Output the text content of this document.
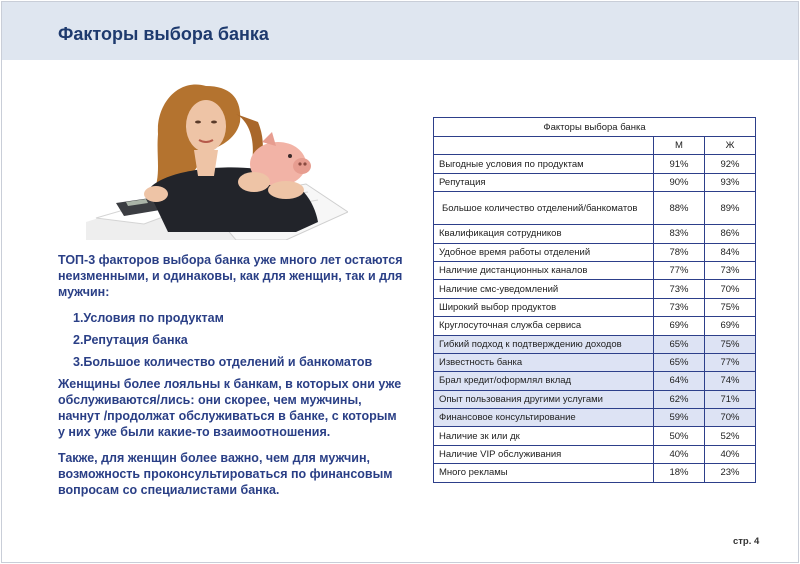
Факторы выбора банка

ТОП-3 факторов выбора банка уже много лет остаются неизменными, и одинаковы, как для женщин, так и для мужчин:

1.Условия по продуктам

2.Репутация банка

3.Большое количество отделений и банкоматов

Женщины более лояльны к банкам, в которых они уже обслуживаются/лись: они скорее, чем мужчины, начнут /продолжат обслуживаться в банке, с которым у них уже были какие-то взаимоотношения.

Также, для женщин более важно, чем для мужчин, возможность проконсультироваться по финансовым вопросам со специалистами банка.

Факторы выбора банка		
	М	Ж
Выгодные условия по продуктам	91%	92%
Репутация	90%	93%
Большое количество отделений/банкоматов	88%	89%
Квалификация сотрудников	83%	86%
Удобное время работы отделений	78%	84%
Наличие дистанционных каналов	77%	73%
Наличие смс-уведомлений	73%	70%
Широкий выбор продуктов	73%	75%
Круглосуточная служба сервиса	69%	69%
Гибкий подход к подтверждению доходов	65%	75%
Известность банка	65%	77%
Брал кредит/оформлял вклад	64%	74%
Опыт пользования другими услугами	62%	71%
Финансовое консультирование	59%	70%
Наличие зк или дк	50%	52%
Наличие VIP обслуживания	40%	40%
Много рекламы	18%	23%
стр. 4
